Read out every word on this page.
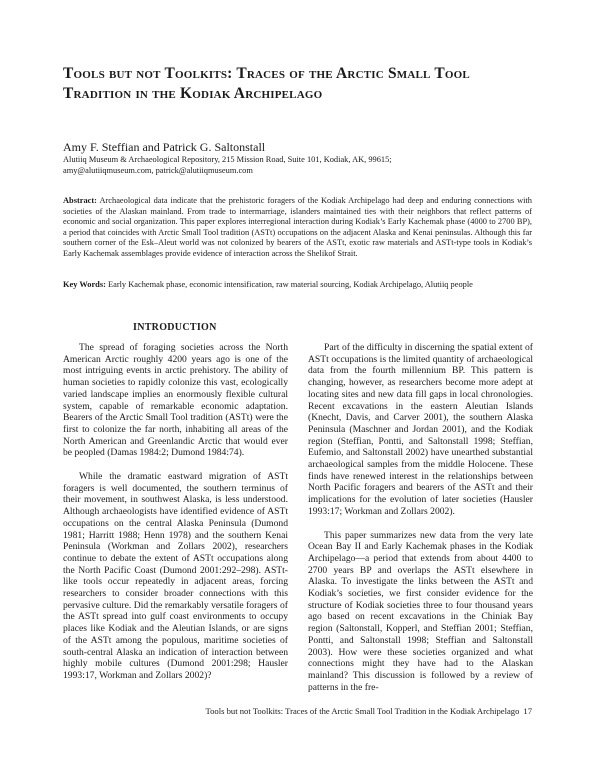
Tools but not Toolkits: Traces of the Arctic Small Tool Tradition in the Kodiak Archipelago

Amy F. Steffian and Patrick G. Saltonstall

Alutiiq Museum & Archaeological Repository, 215 Mission Road, Suite 101, Kodiak, AK, 99615;
amy@alutiiqmuseum.com, patrick@alutiiqmuseum.com

Abstract: Archaeological data indicate that the prehistoric foragers of the Kodiak Archipelago had deep and enduring connections with societies of the Alaskan mainland. From trade to intermarriage, islanders maintained ties with their neighbors that reflect patterns of economic and social organization. This paper explores interregional interaction during Kodiak’s Early Kachemak phase (4000 to 2700 BP), a period that coincides with Arctic Small Tool tradition (ASTt) occupations on the adjacent Alaska and Kenai peninsulas. Although this far southern corner of the Esk–Aleut world was not colonized by bearers of the ASTt, exotic raw materials and ASTt-type tools in Kodiak’s Early Kachemak assemblages provide evidence of interaction across the Shelikof Strait.

Key Words: Early Kachemak phase, economic intensification, raw material sourcing, Kodiak Archipelago, Alutiiq people

INTRODUCTION

The spread of foraging societies across the North American Arctic roughly 4200 years ago is one of the most intriguing events in arctic prehistory. The ability of human societies to rapidly colonize this vast, ecologically varied landscape implies an enormously flexible cultural system, capable of remarkable economic adaptation. Bearers of the Arctic Small Tool tradition (ASTt) were the first to colonize the far north, inhabiting all areas of the North American and Greenlandic Arctic that would ever be peopled (Damas 1984:2; Dumond 1984:74).

While the dramatic eastward migration of ASTt foragers is well documented, the southern terminus of their movement, in southwest Alaska, is less understood. Although archaeologists have identified evidence of ASTt occupations on the central Alaska Peninsula (Dumond 1981; Harritt 1988; Henn 1978) and the southern Kenai Peninsula (Workman and Zollars 2002), researchers continue to debate the extent of ASTt occupations along the North Pacific Coast (Dumond 2001:292–298). ASTt-like tools occur repeatedly in adjacent areas, forcing researchers to consider broader connections with this pervasive culture. Did the remarkably versatile foragers of the ASTt spread into gulf coast environments to occupy places like Kodiak and the Aleutian Islands, or are signs of the ASTt among the populous, maritime societies of south-central Alaska an indication of interaction between highly mobile cultures (Dumond 2001:298; Hausler 1993:17, Workman and Zollars 2002)?

Part of the difficulty in discerning the spatial extent of ASTt occupations is the limited quantity of archaeological data from the fourth millennium BP. This pattern is changing, however, as researchers become more adept at locating sites and new data fill gaps in local chronologies. Recent excavations in the eastern Aleutian Islands (Knecht, Davis, and Carver 2001), the southern Alaska Peninsula (Maschner and Jordan 2001), and the Kodiak region (Steffian, Pontti, and Saltonstall 1998; Steffian, Eufemio, and Saltonstall 2002) have unearthed substantial archaeological samples from the middle Holocene. These finds have renewed interest in the relationships between North Pacific foragers and bearers of the ASTt and their implications for the evolution of later societies (Hausler 1993:17; Workman and Zollars 2002).

This paper summarizes new data from the very late Ocean Bay II and Early Kachemak phases in the Kodiak Archipelago—a period that extends from about 4400 to 2700 years BP and overlaps the ASTt elsewhere in Alaska. To investigate the links between the ASTt and Kodiak’s societies, we first consider evidence for the structure of Kodiak societies three to four thousand years ago based on recent excavations in the Chiniak Bay region (Saltonstall, Kopperl, and Steffian 2001; Steffian, Pontti, and Saltonstall 1998; Steffian and Saltonstall 2003). How were these societies organized and what connections might they have had to the Alaskan mainland? This discussion is followed by a review of patterns in the fre-

Tools but not Toolkits: Traces of the Arctic Small Tool Tradition in the Kodiak Archipelago 17
